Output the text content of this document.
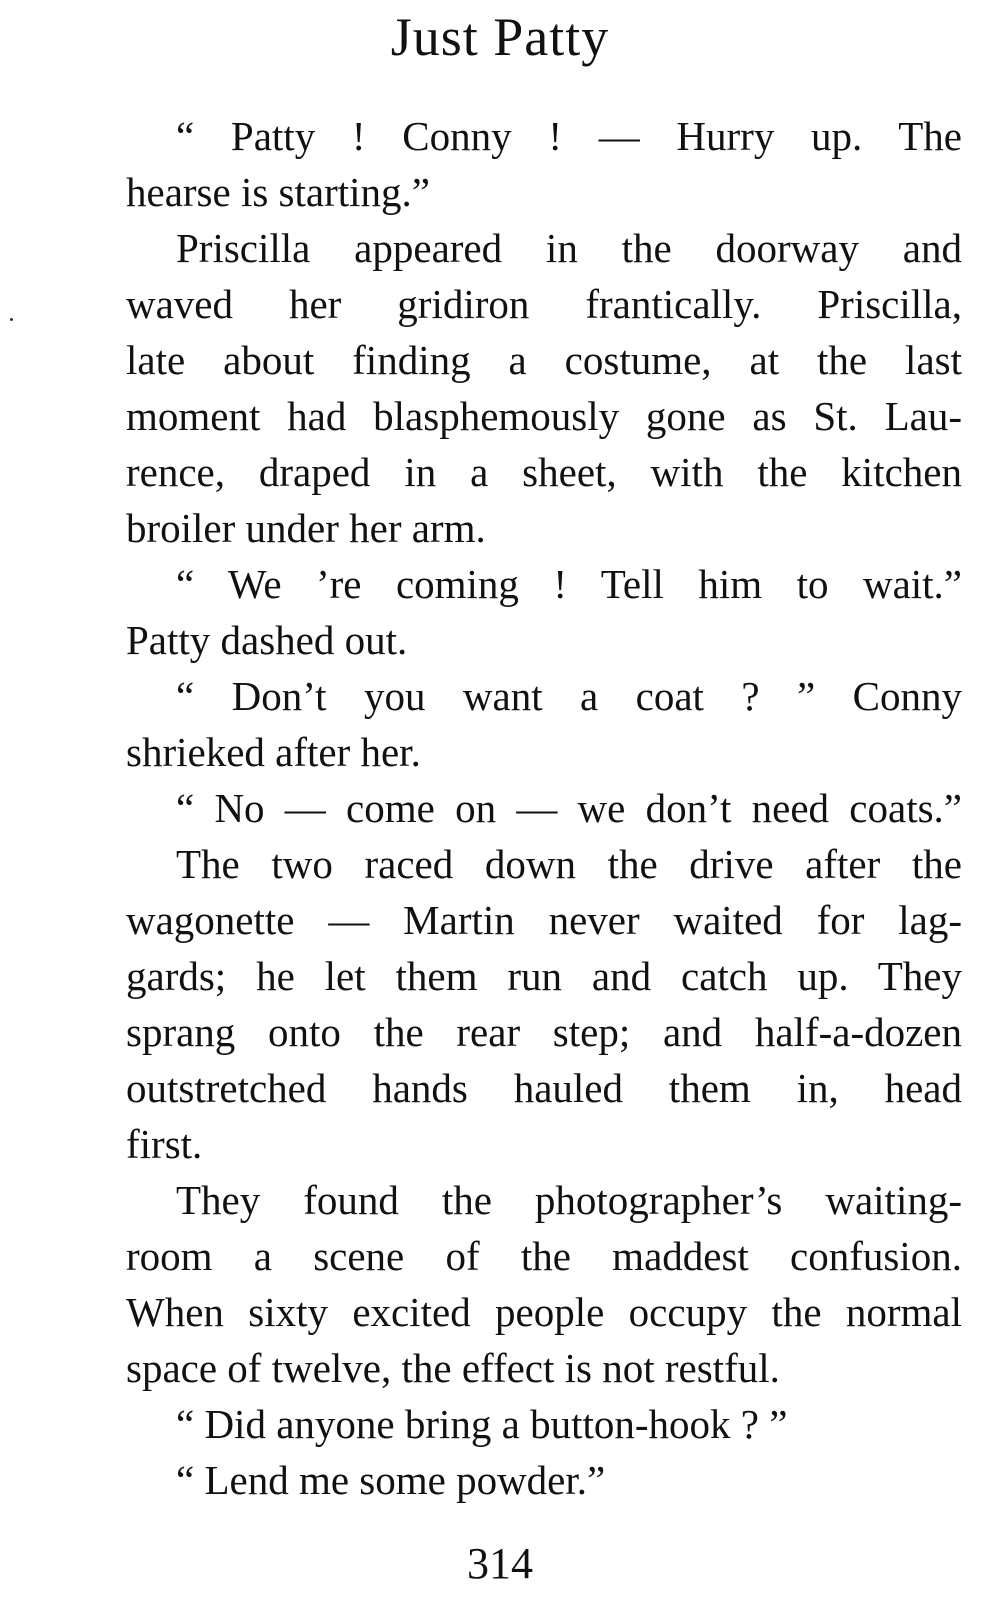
Just Patty
“ Patty ! Conny ! — Hurry up. The
hearse is starting.”
Priscilla appeared in the doorway and
waved her gridiron frantically. Priscilla,
late about finding a costume, at the last
moment had blasphemously gone as St. Lau-
rence, draped in a sheet, with the kitchen
broiler under her arm.
“ We ’re coming ! Tell him to wait.”
Patty dashed out.
“ Don’t you want a coat ? ” Conny
shrieked after her.
“ No — come on — we don’t need coats.”
The two raced down the drive after the
wagonette — Martin never waited for lag-
gards; he let them run and catch up. They
sprang onto the rear step; and half-a-dozen
outstretched hands hauled them in, head
first.
They found the photographer’s waiting-
room a scene of the maddest confusion.
When sixty excited people occupy the normal
space of twelve, the effect is not restful.
“ Did anyone bring a button-hook ? ”
“ Lend me some powder.”
314
